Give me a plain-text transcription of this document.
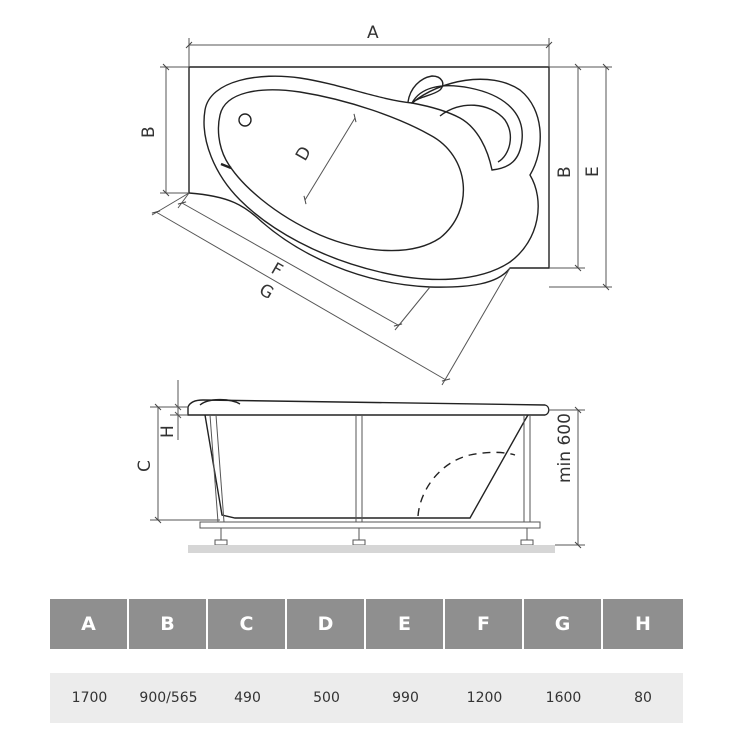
A
B
B E
D
F
G
H
C	min 600
A	B	C	D	E	F	G	H
1700	900/565	490	500	990	1200	1600	80
